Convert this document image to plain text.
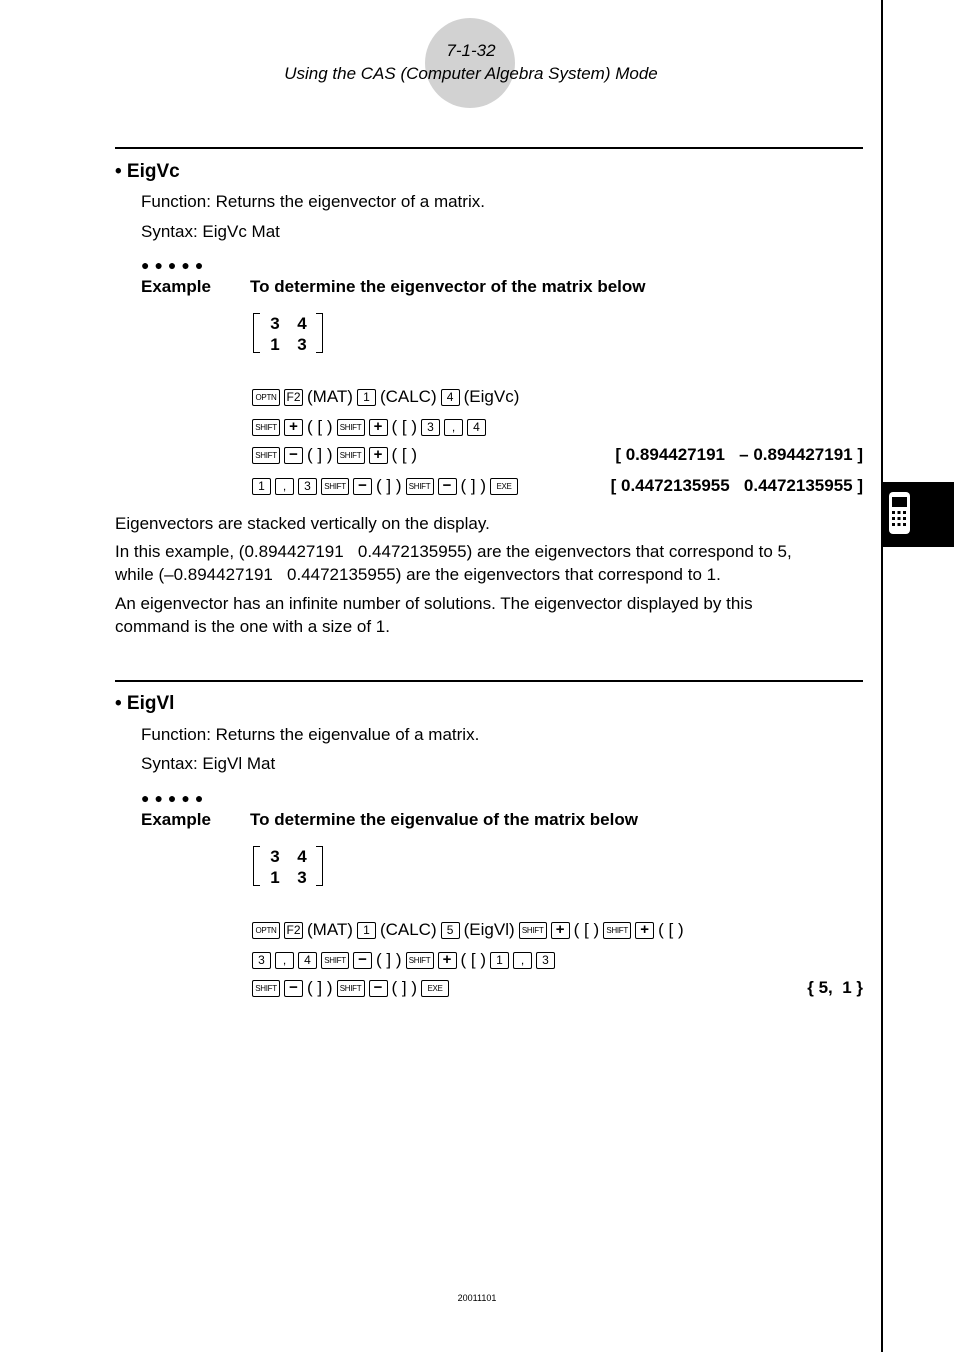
7-1-32
Using the CAS (Computer Algebra System) Mode
• EigVc
Function: Returns the eigenvector of a matrix.
Syntax: EigVc Mat
●●●●●
Example To determine the eigenvector of the matrix below
3 4
1 3
OPTN F2 (MAT) 1 (CALC) 4 (EigVc)
SHIFT + ( [ ) SHIFT + ( [ ) 3	,	4
SHIFT − ( ] ) SHIFT + ( [ )	[ 0.894427191   – 0.894427191 ]
1	,	3	SHIFT − ( ] ) SHIFT − ( ] )	EXE	[ 0.4472135955   0.4472135955 ]
Eigenvectors are stacked vertically on the display.
In this example, (0.894427191   0.4472135955) are the eigenvectors that correspond to 5,
while (–0.894427191   0.4472135955) are the eigenvectors that correspond to 1.
An eigenvector has an infinite number of solutions. The eigenvector displayed by this
command is the one with a size of 1.
• EigVl
Function: Returns the eigenvalue of a matrix.
Syntax: EigVl Mat
●●●●●
Example To determine the eigenvalue of the matrix below
3 4
1 3
OPTN F2 (MAT) 1 (CALC) 5 (EigVl) SHIFT + ( [ ) SHIFT + ( [ )
3	,	4	SHIFT − ( ] ) SHIFT + ( [ ) 1	,	3
SHIFT − ( ] ) SHIFT − ( ] )	EXE	{ 5,  1 }
20011101
